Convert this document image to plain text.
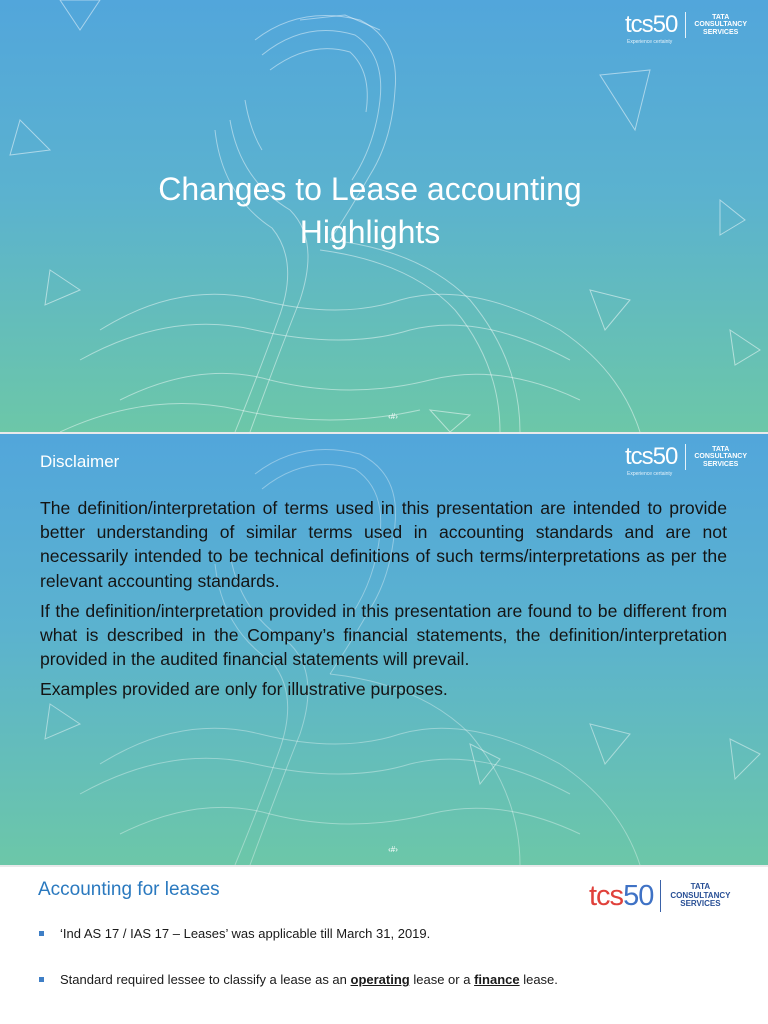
tcs50
Experience certainty
TATA
CONSULTANCY
SERVICES
Changes to Lease accounting
Highlights
‹#›
Disclaimer	tcs50
Experience certainty
TATA
CONSULTANCY
SERVICES

The definition/interpretation of terms used in this presentation are intended to provide better understanding of similar terms used in accounting standards and are not necessarily intended to be technical definitions of such terms/interpretations as per the relevant accounting standards.

If the definition/interpretation provided in this presentation are found to be different from what is described in the Company’s financial statements, the definition/interpretation provided in the audited financial statements will prevail.

Examples provided are only for illustrative purposes.

‹#›
Accounting for leases	tcs50	TATA
CONSULTANCY
SERVICES
‘Ind AS 17 / IAS 17 – Leases’ was applicable till March 31, 2019.
Standard required lessee to classify a lease as an operating lease or a finance lease.
